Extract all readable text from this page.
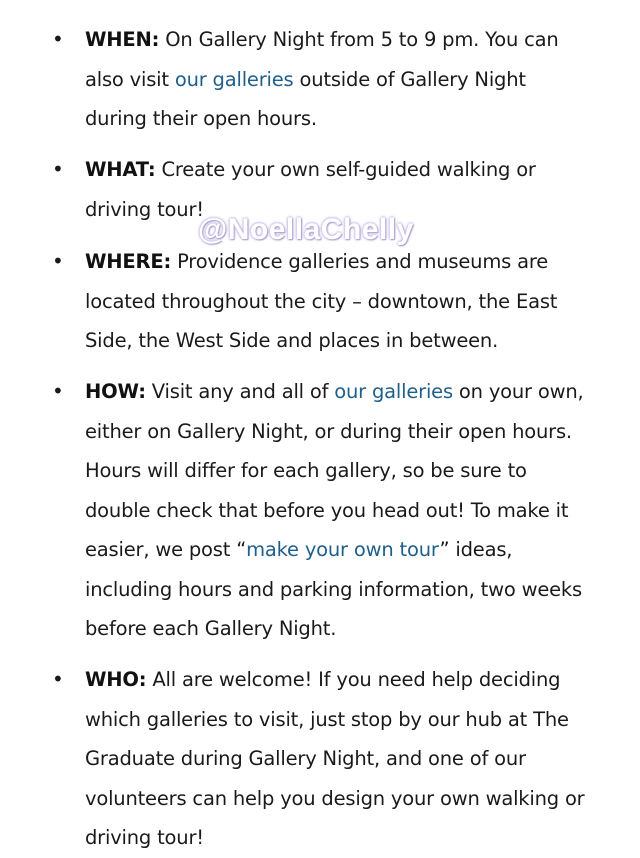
• WHEN: On Gallery Night from 5 to 9 pm. You can
also visit our galleries outside of Gallery Night
during their open hours.
• WHAT: Create your own self-guided walking or
driving tour!
• WHERE: Providence galleries and museums are
located throughout the city – downtown, the East
Side, the West Side and places in between.
• HOW: Visit any and all of our galleries on your own,
either on Gallery Night, or during their open hours.
Hours will differ for each gallery, so be sure to
double check that before you head out! To make it
easier, we post “make your own tour” ideas,
including hours and parking information, two weeks
before each Gallery Night.
• WHO: All are welcome! If you need help deciding
which galleries to visit, just stop by our hub at The
Graduate during Gallery Night, and one of our
volunteers can help you design your own walking or
driving tour!
@NoellaChelly
